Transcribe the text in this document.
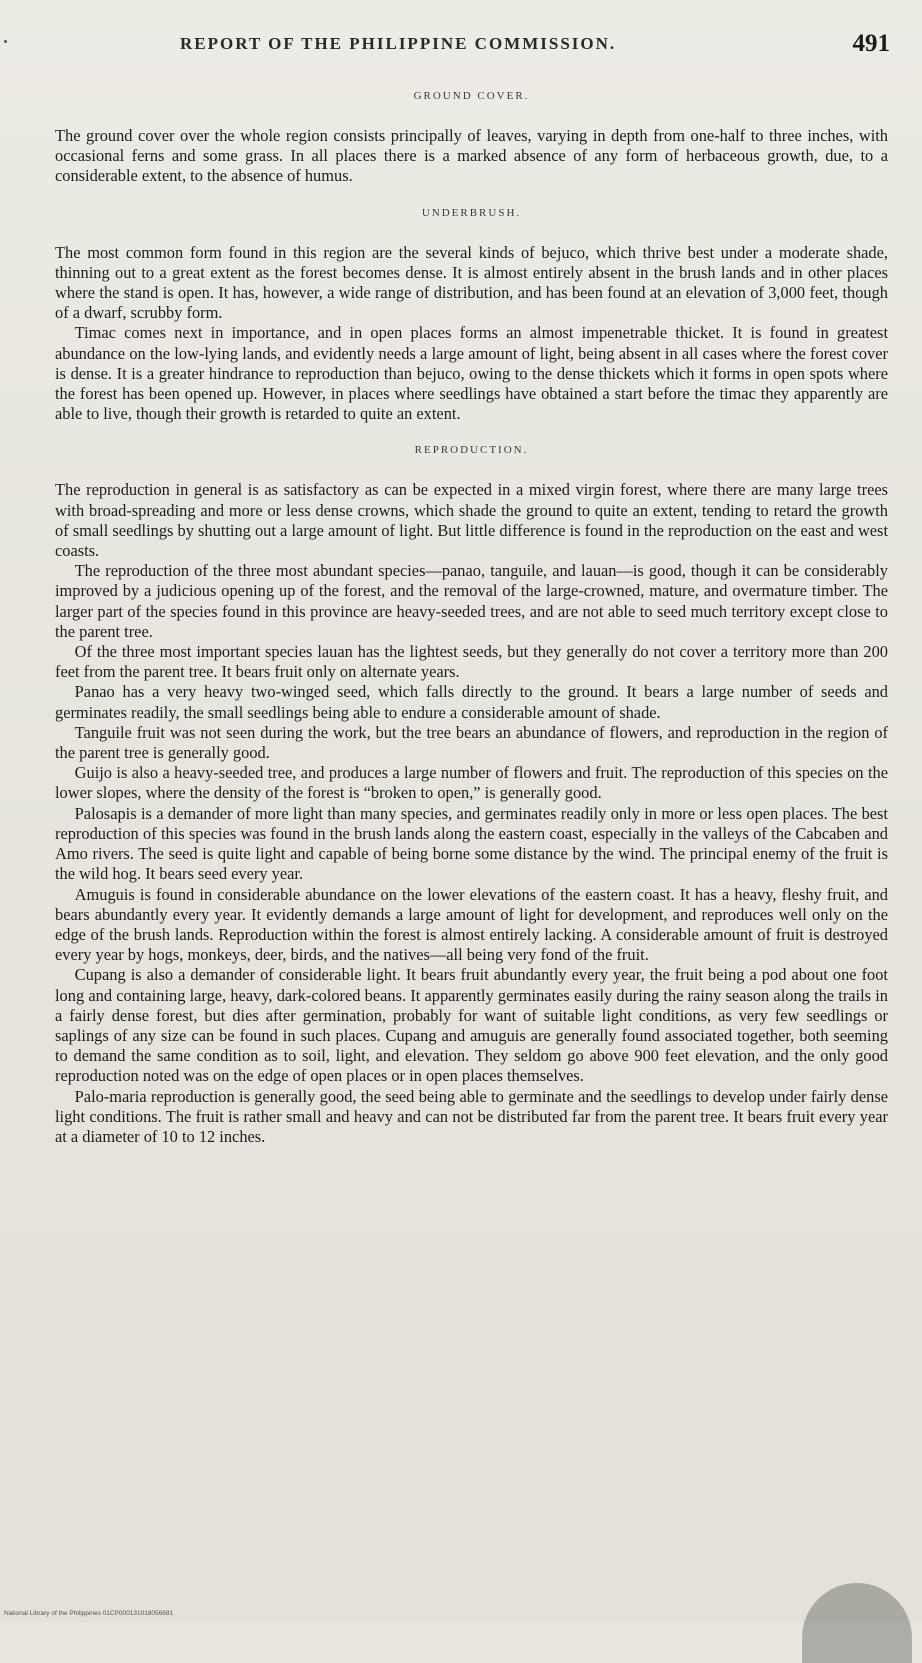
REPORT OF THE PHILIPPINE COMMISSION.	491
GROUND COVER.

The ground cover over the whole region consists principally of leaves, varying in depth from one-half to three inches, with occasional ferns and some grass. In all places there is a marked absence of any form of herbaceous growth, due, to a considerable extent, to the absence of humus.

UNDERBRUSH.

The most common form found in this region are the several kinds of bejuco, which thrive best under a moderate shade, thinning out to a great extent as the forest becomes dense. It is almost entirely absent in the brush lands and in other places where the stand is open. It has, however, a wide range of distribution, and has been found at an elevation of 3,000 feet, though of a dwarf, scrubby form.

Timac comes next in importance, and in open places forms an almost impenetrable thicket. It is found in greatest abundance on the low-lying lands, and evidently needs a large amount of light, being absent in all cases where the forest cover is dense. It is a greater hindrance to reproduction than bejuco, owing to the dense thickets which it forms in open spots where the forest has been opened up. However, in places where seedlings have obtained a start before the timac they apparently are able to live, though their growth is retarded to quite an extent.

REPRODUCTION.

The reproduction in general is as satisfactory as can be expected in a mixed virgin forest, where there are many large trees with broad-spreading and more or less dense crowns, which shade the ground to quite an extent, tending to retard the growth of small seedlings by shutting out a large amount of light. But little difference is found in the reproduction on the east and west coasts.

The reproduction of the three most abundant species—panao, tanguile, and lauan—is good, though it can be considerably improved by a judicious opening up of the forest, and the removal of the large-crowned, mature, and overmature timber. The larger part of the species found in this province are heavy-seeded trees, and are not able to seed much territory except close to the parent tree.

Of the three most important species lauan has the lightest seeds, but they generally do not cover a territory more than 200 feet from the parent tree. It bears fruit only on alternate years.

Panao has a very heavy two-winged seed, which falls directly to the ground. It bears a large number of seeds and germinates readily, the small seedlings being able to endure a considerable amount of shade.

Tanguile fruit was not seen during the work, but the tree bears an abundance of flowers, and reproduction in the region of the parent tree is generally good.

Guijo is also a heavy-seeded tree, and produces a large number of flowers and fruit. The reproduction of this species on the lower slopes, where the density of the forest is “broken to open,” is generally good.

Palosapis is a demander of more light than many species, and germinates readily only in more or less open places. The best reproduction of this species was found in the brush lands along the eastern coast, especially in the valleys of the Cabcaben and Amo rivers. The seed is quite light and capable of being borne some distance by the wind. The principal enemy of the fruit is the wild hog. It bears seed every year.

Amuguis is found in considerable abundance on the lower elevations of the eastern coast. It has a heavy, fleshy fruit, and bears abundantly every year. It evidently demands a large amount of light for development, and reproduces well only on the edge of the brush lands. Reproduction within the forest is almost entirely lacking. A considerable amount of fruit is destroyed every year by hogs, monkeys, deer, birds, and the natives—all being very fond of the fruit.

Cupang is also a demander of considerable light. It bears fruit abundantly every year, the fruit being a pod about one foot long and containing large, heavy, dark-colored beans. It apparently germinates easily during the rainy season along the trails in a fairly dense forest, but dies after germination, probably for want of suitable light conditions, as very few seedlings or saplings of any size can be found in such places. Cupang and amuguis are generally found associated together, both seeming to demand the same condition as to soil, light, and elevation. They seldom go above 900 feet elevation, and the only good reproduction noted was on the edge of open places or in open places themselves.

Palo-maria reproduction is generally good, the seed being able to germinate and the seedlings to develop under fairly dense light conditions. The fruit is rather small and heavy and can not be distributed far from the parent tree. It bears fruit every year at a diameter of 10 to 12 inches.

National Library of the Philippines 01CP000131018056691
